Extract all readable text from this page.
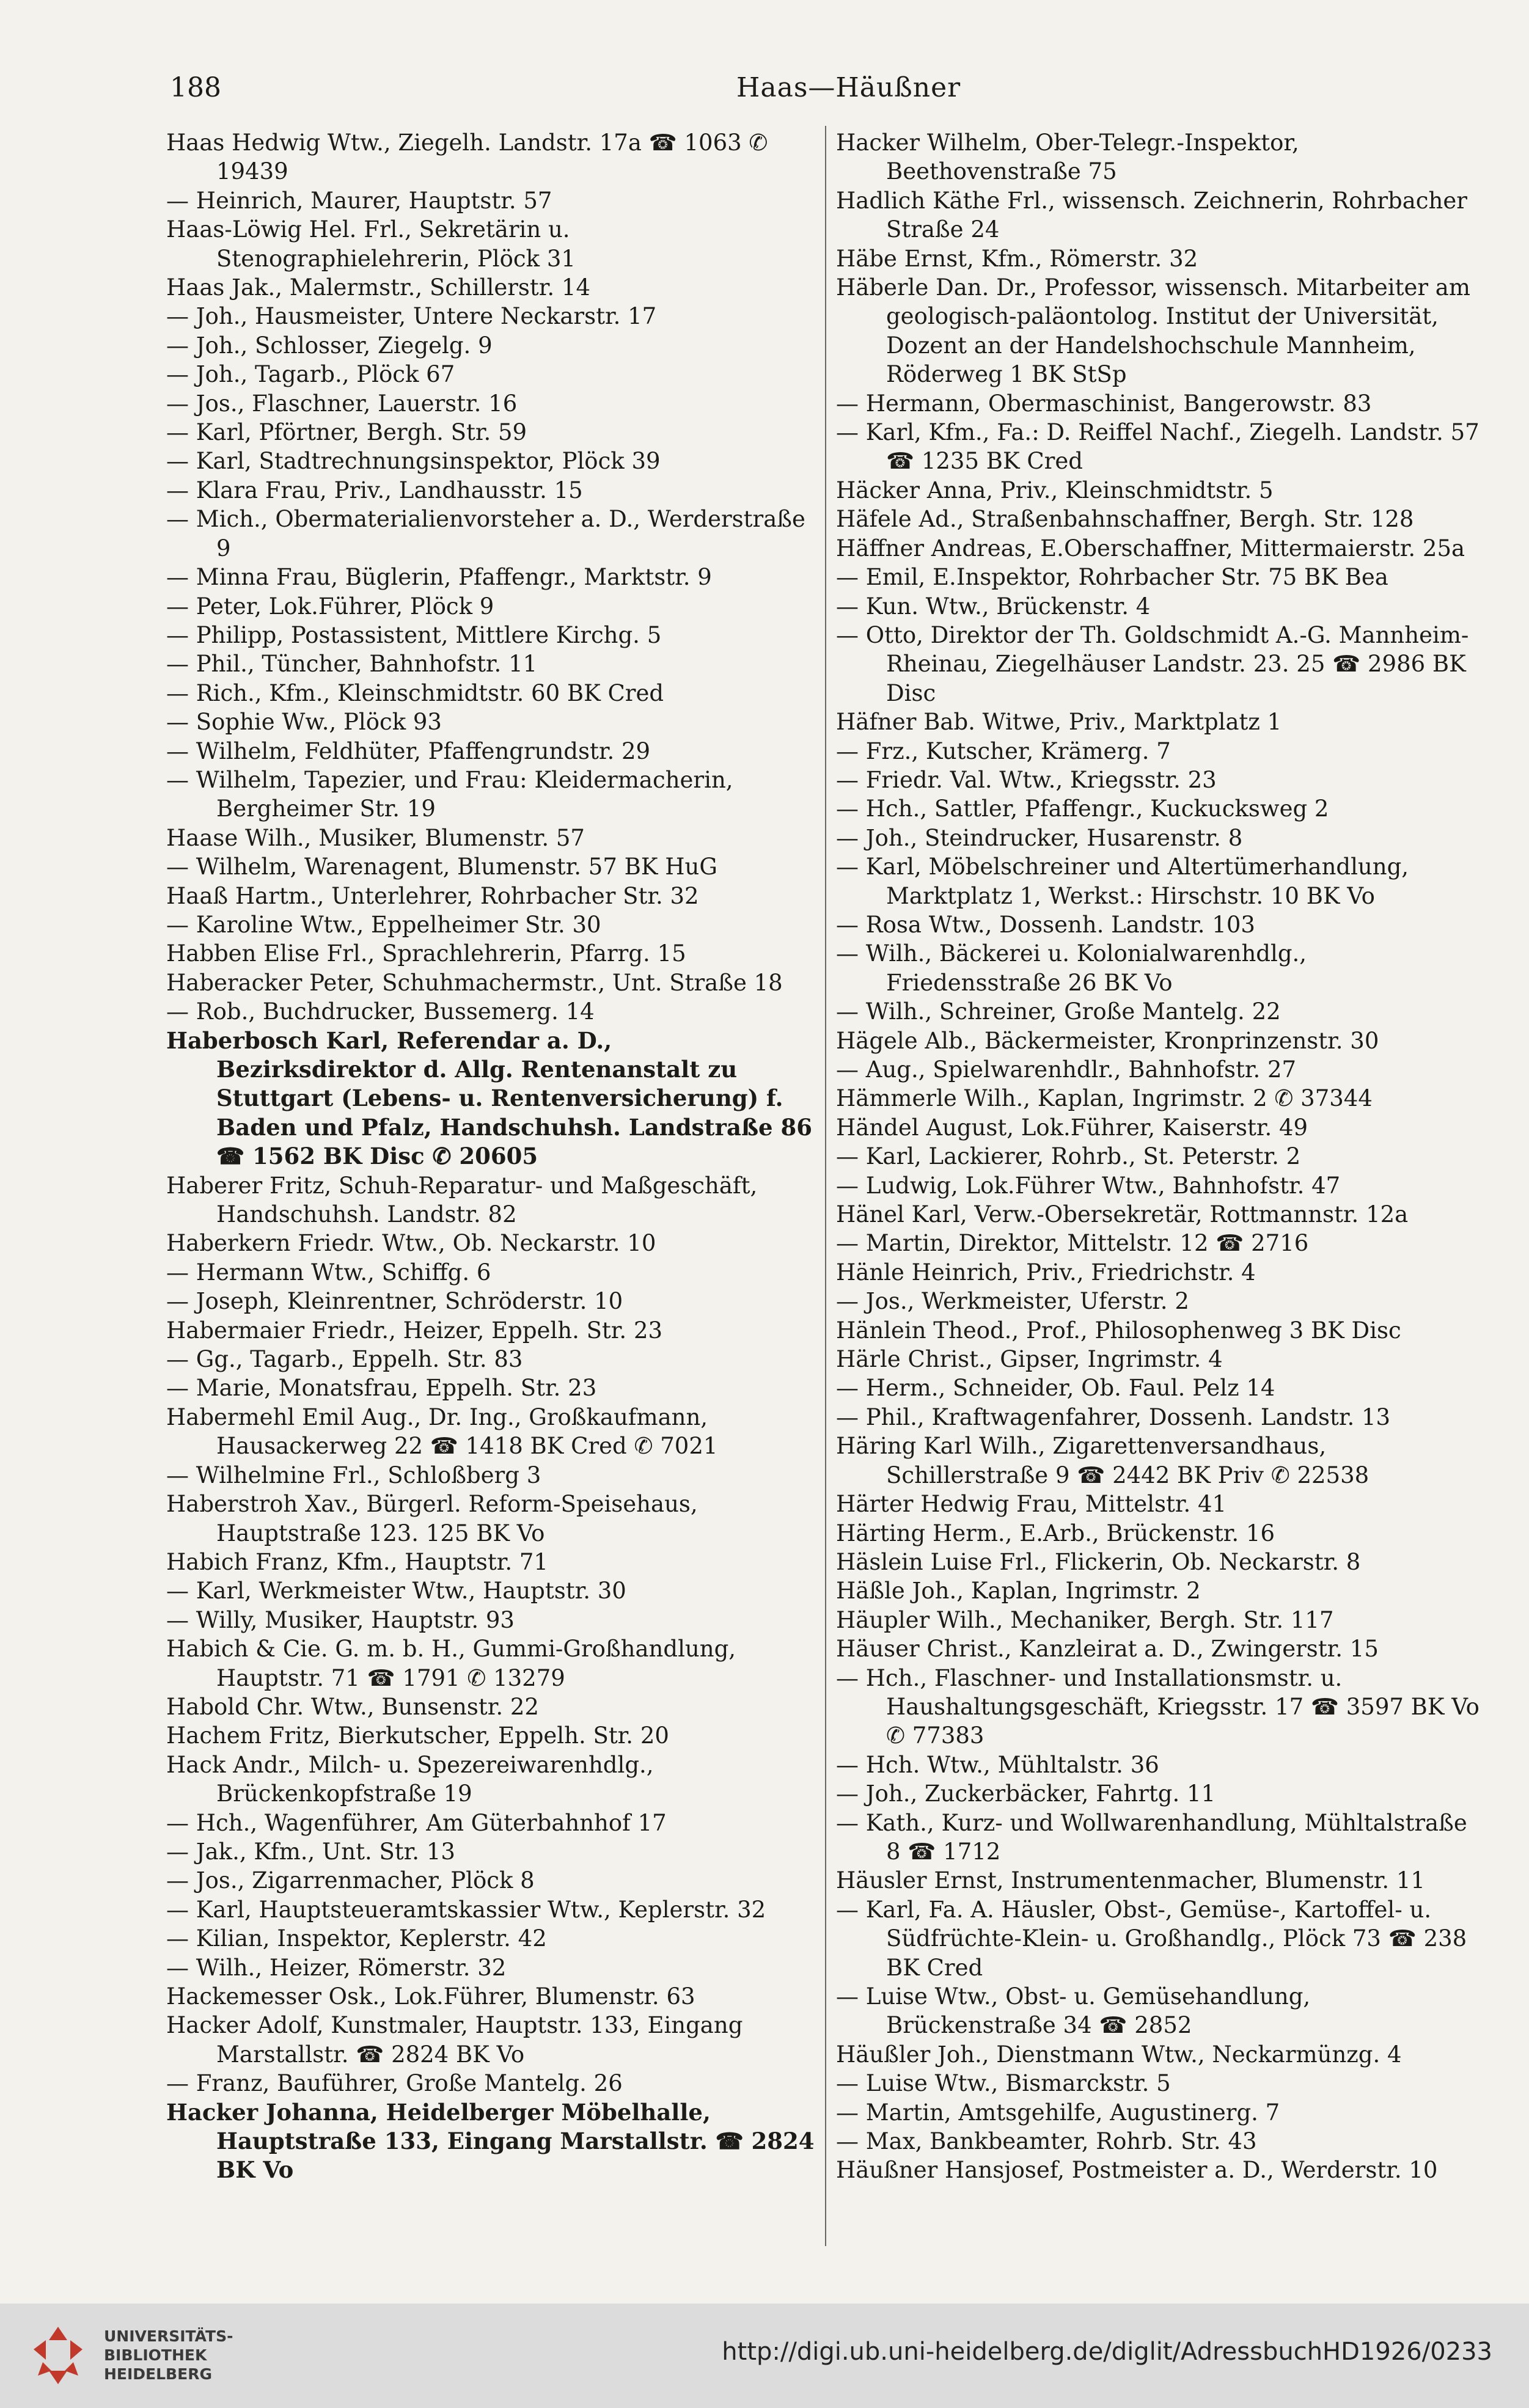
188	Haas—Häußner

Haas Hedwig Wtw., Ziegelh. Landstr. 17a ☎ 1063 ✆ 19439

— Heinrich, Maurer, Hauptstr. 57

Haas-Löwig Hel. Frl., Sekretärin u. Stenographielehrerin, Plöck 31

Haas Jak., Malermstr., Schillerstr. 14

— Joh., Hausmeister, Untere Neckarstr. 17

— Joh., Schlosser, Ziegelg. 9

— Joh., Tagarb., Plöck 67

— Jos., Flaschner, Lauerstr. 16

— Karl, Pförtner, Bergh. Str. 59

— Karl, Stadtrechnungsinspektor, Plöck 39

— Klara Frau, Priv., Landhausstr. 15

— Mich., Obermaterialienvorsteher a. D., Werderstraße 9

— Minna Frau, Büglerin, Pfaffengr., Marktstr. 9

— Peter, Lok.Führer, Plöck 9

— Philipp, Postassistent, Mittlere Kirchg. 5

— Phil., Tüncher, Bahnhofstr. 11

— Rich., Kfm., Kleinschmidtstr. 60 BK Cred

— Sophie Ww., Plöck 93

— Wilhelm, Feldhüter, Pfaffengrundstr. 29

— Wilhelm, Tapezier, und Frau: Kleidermacherin, Bergheimer Str. 19

Haase Wilh., Musiker, Blumenstr. 57

— Wilhelm, Warenagent, Blumenstr. 57 BK HuG

Haaß Hartm., Unterlehrer, Rohrbacher Str. 32

— Karoline Wtw., Eppelheimer Str. 30

Habben Elise Frl., Sprachlehrerin, Pfarrg. 15

Haberacker Peter, Schuhmachermstr., Unt. Straße 18

— Rob., Buchdrucker, Bussemerg. 14

Haberbosch Karl, Referendar a. D., Bezirksdirektor d. Allg. Rentenanstalt zu Stuttgart (Lebens- u. Rentenversicherung) f. Baden und Pfalz, Handschuhsh. Landstraße 86 ☎ 1562 BK Disc ✆ 20605

Haberer Fritz, Schuh-Reparatur- und Maßgeschäft, Handschuhsh. Landstr. 82

Haberkern Friedr. Wtw., Ob. Neckarstr. 10

— Hermann Wtw., Schiffg. 6

— Joseph, Kleinrentner, Schröderstr. 10

Habermaier Friedr., Heizer, Eppelh. Str. 23

— Gg., Tagarb., Eppelh. Str. 83

— Marie, Monatsfrau, Eppelh. Str. 23

Habermehl Emil Aug., Dr. Ing., Großkaufmann, Hausackerweg 22 ☎ 1418 BK Cred ✆ 7021

— Wilhelmine Frl., Schloßberg 3

Haberstroh Xav., Bürgerl. Reform-Speisehaus, Hauptstraße 123. 125 BK Vo

Habich Franz, Kfm., Hauptstr. 71

— Karl, Werkmeister Wtw., Hauptstr. 30

— Willy, Musiker, Hauptstr. 93

Habich & Cie. G. m. b. H., Gummi-Großhandlung, Hauptstr. 71 ☎ 1791 ✆ 13279

Habold Chr. Wtw., Bunsenstr. 22

Hachem Fritz, Bierkutscher, Eppelh. Str. 20

Hack Andr., Milch- u. Spezereiwarenhdlg., Brückenkopfstraße 19

— Hch., Wagenführer, Am Güterbahnhof 17

— Jak., Kfm., Unt. Str. 13

— Jos., Zigarrenmacher, Plöck 8

— Karl, Hauptsteueramtskassier Wtw., Keplerstr. 32

— Kilian, Inspektor, Keplerstr. 42

— Wilh., Heizer, Römerstr. 32

Hackemesser Osk., Lok.Führer, Blumenstr. 63

Hacker Adolf, Kunstmaler, Hauptstr. 133, Eingang Marstallstr. ☎ 2824 BK Vo

— Franz, Bauführer, Große Mantelg. 26

Hacker Johanna, Heidelberger Möbelhalle, Hauptstraße 133, Eingang Marstallstr. ☎ 2824 BK Vo

Hacker Wilhelm, Ober-Telegr.-Inspektor, Beethovenstraße 75

Hadlich Käthe Frl., wissensch. Zeichnerin, Rohrbacher Straße 24

Häbe Ernst, Kfm., Römerstr. 32

Häberle Dan. Dr., Professor, wissensch. Mitarbeiter am geologisch-paläontolog. Institut der Universität, Dozent an der Handelshochschule Mannheim, Röderweg 1 BK StSp

— Hermann, Obermaschinist, Bangerowstr. 83

— Karl, Kfm., Fa.: D. Reiffel Nachf., Ziegelh. Landstr. 57 ☎ 1235 BK Cred

Häcker Anna, Priv., Kleinschmidtstr. 5

Häfele Ad., Straßenbahnschaffner, Bergh. Str. 128

Häffner Andreas, E.Oberschaffner, Mittermaierstr. 25a

— Emil, E.Inspektor, Rohrbacher Str. 75 BK Bea

— Kun. Wtw., Brückenstr. 4

— Otto, Direktor der Th. Goldschmidt A.-G. Mannheim-Rheinau, Ziegelhäuser Landstr. 23. 25 ☎ 2986 BK Disc

Häfner Bab. Witwe, Priv., Marktplatz 1

— Frz., Kutscher, Krämerg. 7

— Friedr. Val. Wtw., Kriegsstr. 23

— Hch., Sattler, Pfaffengr., Kuckucksweg 2

— Joh., Steindrucker, Husarenstr. 8

— Karl, Möbelschreiner und Altertümerhandlung, Marktplatz 1, Werkst.: Hirschstr. 10 BK Vo

— Rosa Wtw., Dossenh. Landstr. 103

— Wilh., Bäckerei u. Kolonialwarenhdlg., Friedensstraße 26 BK Vo

— Wilh., Schreiner, Große Mantelg. 22

Hägele Alb., Bäckermeister, Kronprinzenstr. 30

— Aug., Spielwarenhdlr., Bahnhofstr. 27

Hämmerle Wilh., Kaplan, Ingrimstr. 2 ✆ 37344

Händel August, Lok.Führer, Kaiserstr. 49

— Karl, Lackierer, Rohrb., St. Peterstr. 2

— Ludwig, Lok.Führer Wtw., Bahnhofstr. 47

Hänel Karl, Verw.-Obersekretär, Rottmannstr. 12a

— Martin, Direktor, Mittelstr. 12 ☎ 2716

Hänle Heinrich, Priv., Friedrichstr. 4

— Jos., Werkmeister, Uferstr. 2

Hänlein Theod., Prof., Philosophenweg 3 BK Disc

Härle Christ., Gipser, Ingrimstr. 4

— Herm., Schneider, Ob. Faul. Pelz 14

— Phil., Kraftwagenfahrer, Dossenh. Landstr. 13

Häring Karl Wilh., Zigarettenversandhaus, Schillerstraße 9 ☎ 2442 BK Priv ✆ 22538

Härter Hedwig Frau, Mittelstr. 41

Härting Herm., E.Arb., Brückenstr. 16

Häslein Luise Frl., Flickerin, Ob. Neckarstr. 8

Häßle Joh., Kaplan, Ingrimstr. 2

Häupler Wilh., Mechaniker, Bergh. Str. 117

Häuser Christ., Kanzleirat a. D., Zwingerstr. 15

— Hch., Flaschner- und Installationsmstr. u. Haushaltungsgeschäft, Kriegsstr. 17 ☎ 3597 BK Vo ✆ 77383

— Hch. Wtw., Mühltalstr. 36

— Joh., Zuckerbäcker, Fahrtg. 11

— Kath., Kurz- und Wollwarenhandlung, Mühltalstraße 8 ☎ 1712

Häusler Ernst, Instrumentenmacher, Blumenstr. 11

— Karl, Fa. A. Häusler, Obst-, Gemüse-, Kartoffel- u. Südfrüchte-Klein- u. Großhandlg., Plöck 73 ☎ 238 BK Cred

— Luise Wtw., Obst- u. Gemüsehandlung, Brückenstraße 34 ☎ 2852

Häußler Joh., Dienstmann Wtw., Neckarmünzg. 4

— Luise Wtw., Bismarckstr. 5

— Martin, Amtsgehilfe, Augustinerg. 7

— Max, Bankbeamter, Rohrb. Str. 43

Häußner Hansjosef, Postmeister a. D., Werderstr. 10

UNIVERSITÄTS-
BIBLIOTHEK
HEIDELBERG
http://digi.ub.uni-heidelberg.de/diglit/AdressbuchHD1926/0233
